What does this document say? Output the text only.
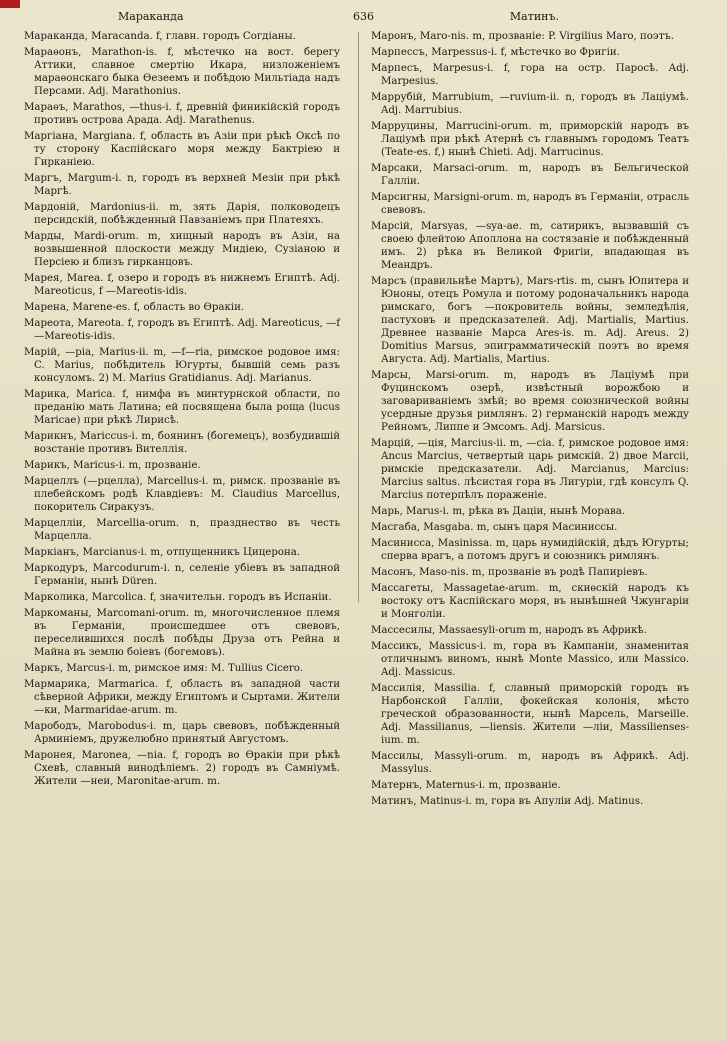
Мараканда	636	Матинъ.

Мараканда, Maracanda. f, главн. городъ Согдіаны.

Мараѳонъ, Marathon-is. f, мѣстечко на вост. берегу Аттики, славное смертію Икара, низложеніемъ мараѳонскаго быка Ѳезеемъ и побѣдою Мильтіада надъ Персами. Adj. Marathonius.

Мараѳъ, Marathos, —thus-i. f, древній финикійскій городъ противъ острова Арада. Adj. Marathenus.

Маргіана, Margiana. f, область въ Азіи при рѣкѣ Оксѣ по ту сторону Каспійскаго моря между Бактріею и Гирканіею.

Маргъ, Margum-i. n, городъ въ верхней Мезіи при рѣкѣ Маргѣ.

Мардоній, Mardonius-ii. m, зять Дарія, полководецъ персидскій, побѣжденный Павзаніемъ при Платеяхъ.

Марды, Mardi-orum. m, хищный народъ въ Азіи, на возвышенной плоскости между Мидіею, Сузіаною и Персіею и близъ гирканцовъ.

Марея, Marea. f, озеро и городъ въ нижнемъ Египтѣ. Adj. Mareoticus, f —Mareotis-idis.

Марена, Marene-es. f, область во Ѳракіи.

Мареота, Mareota. f, городъ въ Египтѣ. Adj. Mareoticus, —f —Mareotis-idis.

Марій, —ріа, Marius-ii. m, —f—ria, римское родовое имя: C. Marius, побѣдитель Югурты, бывшій семь разъ консуломъ. 2) M. Marius Gratidianus. Adj. Marianus.

Марика, Marica. f, нимфа въ минтурнской области, по преданію мать Латина; ей посвящена была роща (lucus Maricae) при рѣкѣ Лирисѣ.

Марикнъ, Mariccus-i. m, боянинъ (богемецъ), возбудившій возстаніе противъ Вителлія.

Марикъ, Maricus-i. m, прозваніе.

Марцеллъ (—рцелла), Marcellus-i. m, римск. прозваніе въ плебейскомъ родѣ Клавдіевъ: M. Claudius Marcellus, покоритель Сиракузъ.

Марцелліи, Marcellia-orum. n, празднество въ честь Марцелла.

Маркіанъ, Marcianus-i. m, отпущенникъ Цицерона.

Маркодуръ, Marcodurum-i. n, селеніе убіевъ въ западной Германіи, нынѣ Düren.

Марколика, Marcolica. f, значительн. городъ въ Испаніи.

Маркоманы, Marcomani-orum. m, многочисленное племя въ Германіи, происшедшее отъ свевовъ, переселившихся послѣ побѣды Друза отъ Рейна и Майна въ землю боіевъ (богемовъ).

Маркъ, Marcus-i. m, римское имя: M. Tullius Cicero.

Мармарика, Marmarica. f, область въ западной части сѣверной Африки, между Египтомъ и Сыртами. Жители —ки, Marmaridae-arum. m.

Марободъ, Marobodus-i. m, царь свевовъ, побѣжденный Арминіемъ, дружелюбно принятый Августомъ.

Маронея, Maronea, —nia. f, городъ во Ѳракіи при рѣкѣ Схевѣ, славный винодѣліемъ. 2) городъ въ Самніумѣ. Жители —неи, Maronitae-arum. m.

Маронъ, Maro-nis. m, прозваніе: P. Virgilius Maro, поэтъ.

Марпессъ, Marpessus-i. f, мѣстечко во Фригіи.

Марпесъ, Marpesus-i. f, гора на остр. Паросѣ. Adj. Marpesius.

Маррубій, Marrubium, —ruvium-ii. n, городъ въ Лаціумѣ. Adj. Marrubius.

Марруцины, Marrucini-orum. m, приморскій народъ въ Лаціумѣ при рѣкѣ Атернѣ съ главнымъ городомъ Театъ (Teate-es. f,) нынѣ Chieti. Adj. Marrucinus.

Марсаки, Marsaci-orum. m, народъ въ Бельгической Галліи.

Марсигны, Marsigni-orum. m, народъ въ Германіи, отрасль свевовъ.

Марсій, Marsyas, —sya-ae. m, сатирикъ, вызвавшій съ своею флейтою Аполлона на состязаніе и побѣжденный имъ. 2) рѣка въ Великой Фригіи, впадающая въ Меандръ.

Марсъ (правильнѣе Мартъ), Mars-rtis. m, сынъ Юпитера и Юноны, отецъ Ромула и потому родоначальникъ народа римскаго, богъ —покровитель войны, земледѣлія, пастуховъ и предсказателей. Adj. Martialis, Martius. Древнее названіе Марса Ares-is. m. Adj. Areus. 2) Domitius Marsus, эпиграмматическій поэтъ во время Августа. Adj. Martialis, Martius.

Марсы, Marsi-orum. m, народъ въ Лаціумѣ при Фуцинскомъ озерѣ, извѣстный ворожбою и заговариваніемъ змѣй; во время союзнической войны усердные друзья римлянъ. 2) германскій народъ между Рейномъ, Липпе и Эмсомъ. Adj. Marsicus.

Марцій, —ція, Marcius-ii. m, —cia. f, римское родовое имя: Ancus Marcius, четвертый царь римскій. 2) двое Marcii, римскіе предсказатели. Adj. Marcianus, Marcius: Marcius saltus. лѣсистая гора въ Лигуріи, гдѣ консулъ Q. Marcius потерпѣлъ пораженіе.

Марь, Marus-i. m, рѣка въ Даціи, нынѣ Морава.

Масгаба, Masgaba. m, сынъ царя Масиниссы.

Масинисса, Masinissa. m, царь нумидійскій, дѣдъ Югурты; сперва врагъ, а потомъ другъ и союзникъ римлянъ.

Масонъ, Maso-nis. m, прозваніе въ родѣ Папиріевъ.

Массагеты, Massagetae-arum. m, скиѳскій народъ къ востоку отъ Каспійскаго моря, въ нынѣшней Чжунгаріи и Монголіи.

Массесилы, Massaesyli-orum m, народъ въ Африкѣ.

Массикъ, Massicus-i. m, гора въ Кампаніи, знаменитая отличнымъ виномъ, нынѣ Monte Massico, или Massico. Adj. Massicus.

Массилія, Massilia. f, славный приморскій городъ въ Нарбонской Галліи, фокейская колонія, мѣсто греческой образованности, нынѣ Марсель, Marseille. Adj. Massilianus, —liensis. Жители —ліи, Massilienses-ium. m.

Массилы, Massyli-orum. m, народъ въ Африкѣ. Adj. Massylus.

Матернъ, Maternus-i. m, прозваніе.

Матинъ, Matinus-i. m, гора въ Апуліи Adj. Matinus.
